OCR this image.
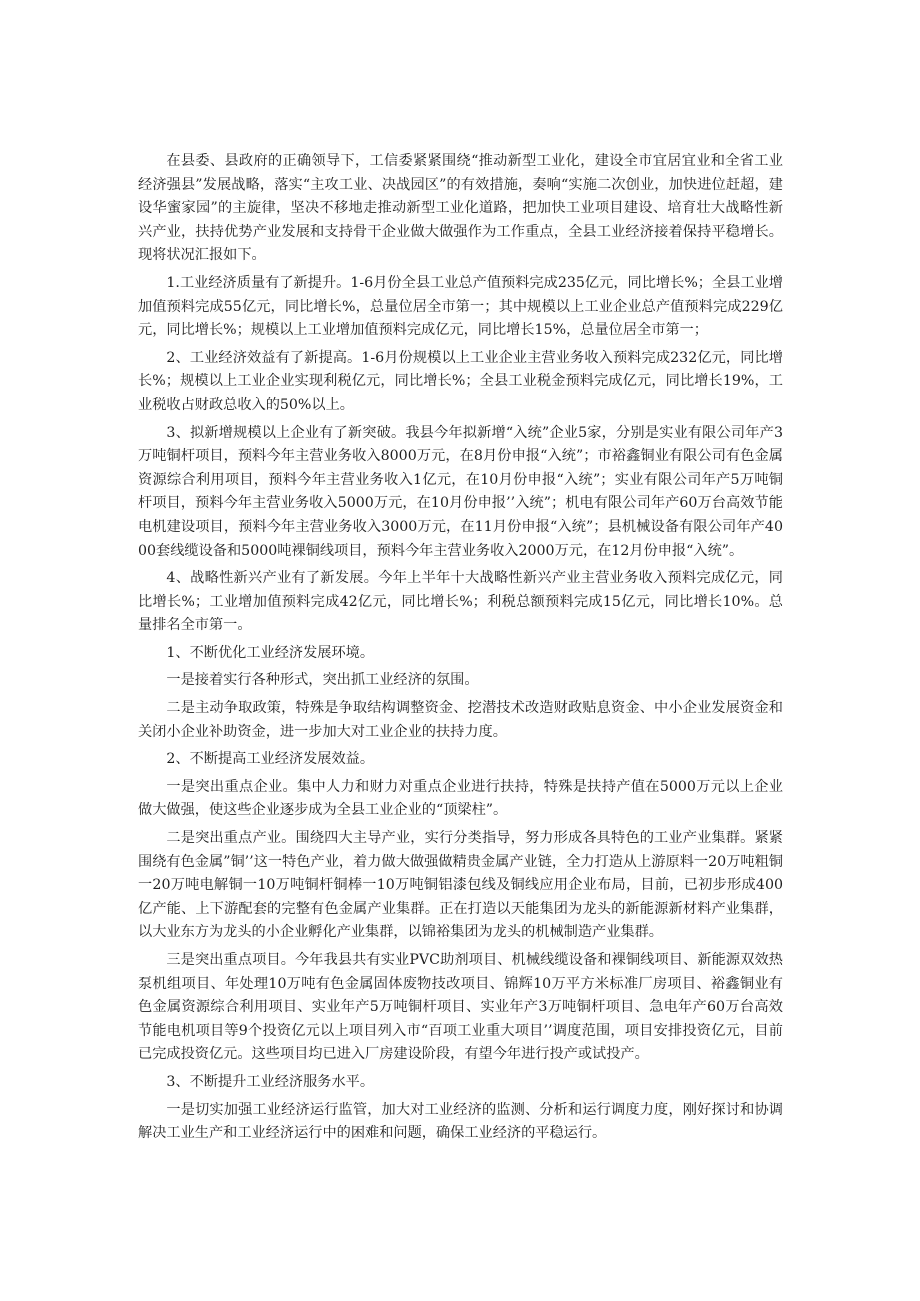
在县委、县政府的正确领导下，工信委紧紧围绕“推动新型工业化，建设全市宜居宜业和全省工业经济强县”发展战略，落实“主攻工业、决战园区”的有效措施，奏响“实施二次创业，加快进位赶超，建设华蜜家园”的主旋律，坚决不移地走推动新型工业化道路，把加快工业项目建设、培育壮大战略性新兴产业，扶持优势产业发展和支持骨干企业做大做强作为工作重点，全县工业经济接着保持平稳增长。现将状况汇报如下。

1.工业经济质量有了新提升。1-6月份全县工业总产值预料完成235亿元，同比增长%；全县工业增加值预料完成55亿元，同比增长%，总量位居全市第一；其中规模以上工业企业总产值预料完成229亿元，同比增长%；规模以上工业增加值预料完成亿元，同比增长15%，总量位居全市第一；

2、工业经济效益有了新提高。1-6月份规模以上工业企业主营业务收入预料完成232亿元，同比增长%；规模以上工业企业实现利税亿元，同比增长%；全县工业税金预料完成亿元，同比增长19%，工业税收占财政总收入的50%以上。

3、拟新增规模以上企业有了新突破。我县今年拟新增“入统”企业5家，分别是实业有限公司年产3万吨铜杆项目，预料今年主营业务收入8000万元，在8月份申报“入统”；市裕鑫铜业有限公司有色金属资源综合利用项目，预料今年主营业务收入1亿元，在10月份申报“入统”；实业有限公司年产5万吨铜杆项目，预料今年主营业务收入5000万元，在10月份申报’’入统”；机电有限公司年产60万台高效节能电机建设项目，预料今年主营业务收入3000万元，在11月份申报“入统”；县机械设备有限公司年产4000套线缆设备和5000吨裸铜线项目，预料今年主营业务收入2000万元，在12月份申报“入统”。

4、战略性新兴产业有了新发展。今年上半年十大战略性新兴产业主营业务收入预料完成亿元，同比增长%；工业增加值预料完成42亿元，同比增长%；利税总额预料完成15亿元，同比增长10%。总量排名全市第一。

1、不断优化工业经济发展环境。

一是接着实行各种形式，突出抓工业经济的氛围。

二是主动争取政策，特殊是争取结构调整资金、挖潜技术改造财政贴息资金、中小企业发展资金和关闭小企业补助资金，进一步加大对工业企业的扶持力度。

2、不断提高工业经济发展效益。

一是突出重点企业。集中人力和财力对重点企业进行扶持，特殊是扶持产值在5000万元以上企业做大做强，使这些企业逐步成为全县工业企业的“顶梁柱”。

二是突出重点产业。围绕四大主导产业，实行分类指导，努力形成各具特色的工业产业集群。紧紧围绕有色金属”铜’’这一特色产业，着力做大做强做精贵金属产业链，全力打造从上游原料一20万吨粗铜一20万吨电解铜一10万吨铜杆铜棒一10万吨铜铝漆包线及铜线应用企业布局，目前，已初步形成400亿产能、上下游配套的完整有色金属产业集群。正在打造以天能集团为龙头的新能源新材料产业集群，以大业东方为龙头的小企业孵化产业集群，以锦裕集团为龙头的机械制造产业集群。

三是突出重点项目。今年我县共有实业PVC助剂项目、机械线缆设备和裸铜线项目、新能源双效热泵机组项目、年处理10万吨有色金属固体废物技改项目、锦辉10万平方米标准厂房项目、裕鑫铜业有色金属资源综合利用项目、实业年产5万吨铜杆项目、实业年产3万吨铜杆项目、急电年产60万台高效节能电机项目等9个投资亿元以上项目列入市“百项工业重大项目’’调度范围，项目安排投资亿元，目前已完成投资亿元。这些项目均已进入厂房建设阶段，有望今年进行投产或试投产。

3、不断提升工业经济服务水平。

一是切实加强工业经济运行监管，加大对工业经济的监测、分析和运行调度力度，刚好探讨和协调解决工业生产和工业经济运行中的困难和问题，确保工业经济的平稳运行。
